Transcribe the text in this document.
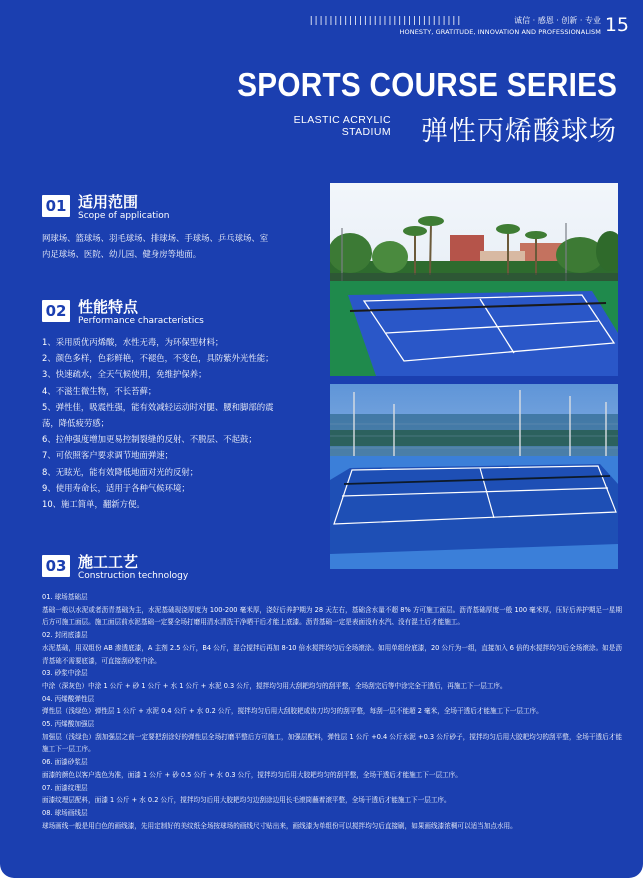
|||||||||||||||||||||||||||||||	诚信 · 感恩 · 创新 · 专业
HONESTY, GRATITUDE, INNOVATION AND PROFESSIONALISM 15
SPORTS COURSE SERIES
ELASTIC ACRYLIC
STADIUM 弹性丙烯酸球场
01 适用范围
Scope of application
网球场、篮球场、羽毛球场、排球场、手球场、乒乓球场、室
内足球场、医院、幼儿园、健身房等地面。
02 性能特点
Performance characteristics
1、采用质优丙烯酸，水性无毒，为环保型材料；
2、颜色多样，色彩鲜艳，不褪色，不变色，具防紫外光性能；
3、快速疏水，全天气候使用，免维护保养；
4、不滋生微生物，不长苔藓；
5、弹性佳，吸震性强，能有效减轻运动时对腿、腰和脚部的震
荡，降低疲劳感；
6、拉伸强度增加更易控制裂缝的反射、不脱层、不起鼓；
7、可依照客户要求调节地面弹速；
8、无眩光，能有效降低地面对光的反射；
9、使用寿命长，适用于各种气候环境；
10、施工简单，翻新方便。
03 施工工艺
Construction technology
01. 球场基础层
基础一般以水泥或者沥青基础为主，水泥基础现浇厚度为 100-200 毫米厚，浇好后养护期为 28 天左右，基础含水量不超 8% 方可施工面层。沥青基础厚度一般 100 毫米厚，压好后养护期足一星期后方可施工面层。施工面层前水泥基础一定要全场打磨用清水清洗干净晒干后才能上底漆。沥青基础一定是表面没有水汽、没有混土后才能施工。
02. 封闭底漆层
水泥基础，用双组份 AB 渗透底漆，A 主剂 2.5 公斤，B4 公斤，混合搅拌后再加 8-10 倍水搅拌均匀后全场滚涂。如用单组份底漆，20 公斤为一组，直接加入 6 倍的水搅拌均匀后全场滚涂。如是沥青基础不需要底漆，可直接刮砂浆中涂。
03. 砂浆中涂层
中涂（深灰色）中涂 1 公斤 + 砂 1 公斤 + 水 1 公斤 + 水泥 0.3 公斤，搅拌均匀用大刮耙均匀的刮平整，全场刮完后等中涂完全干透后，再施工下一层工序。
04. 丙烯酸弹性层
弹性层（浅绿色）弹性层 1 公斤 + 水泥 0.4 公斤 + 水 0.2 公斤，搅拌均匀后用大刮胶耙或齿刀均匀的刮平整，每刮一层不能超 2 毫米，全场干透后才能施工下一层工序。
05. 丙烯酸加强层
加强层（浅绿色）刮加强层之前一定要把刮涂好的弹性层全场打磨平整后方可施工，加强层配料，弹性层 1 公斤 +0.4 公斤水泥 +0.3 公斤砂子，搅拌均匀后用大胶耙均匀的刮平整，全场干透后才能施工下一层工序。
06. 面漆砂浆层
面漆的颜色以客户选色为准，面漆 1 公斤 + 砂 0.5 公斤 + 水 0.3 公斤，搅拌均匀后用大胶耙均匀的刮平整，全场干透后才能施工下一层工序。
07. 面漆纹理层
面漆纹理层配料，面漆 1 公斤 + 水 0.2 公斤，搅拌均匀后用大胶耙均匀边刮涂边用长毛滚筒蘸着滚平整，全场干透后才能施工下一层工序。
08. 球场画线层
球场画线一般是用白色的画线漆，先用定制好的美纹纸全场按球场的画线尺寸贴出来，画线漆为单组份可以搅拌均匀后直接刷，如果画线漆浓稠可以适当加点水用。
